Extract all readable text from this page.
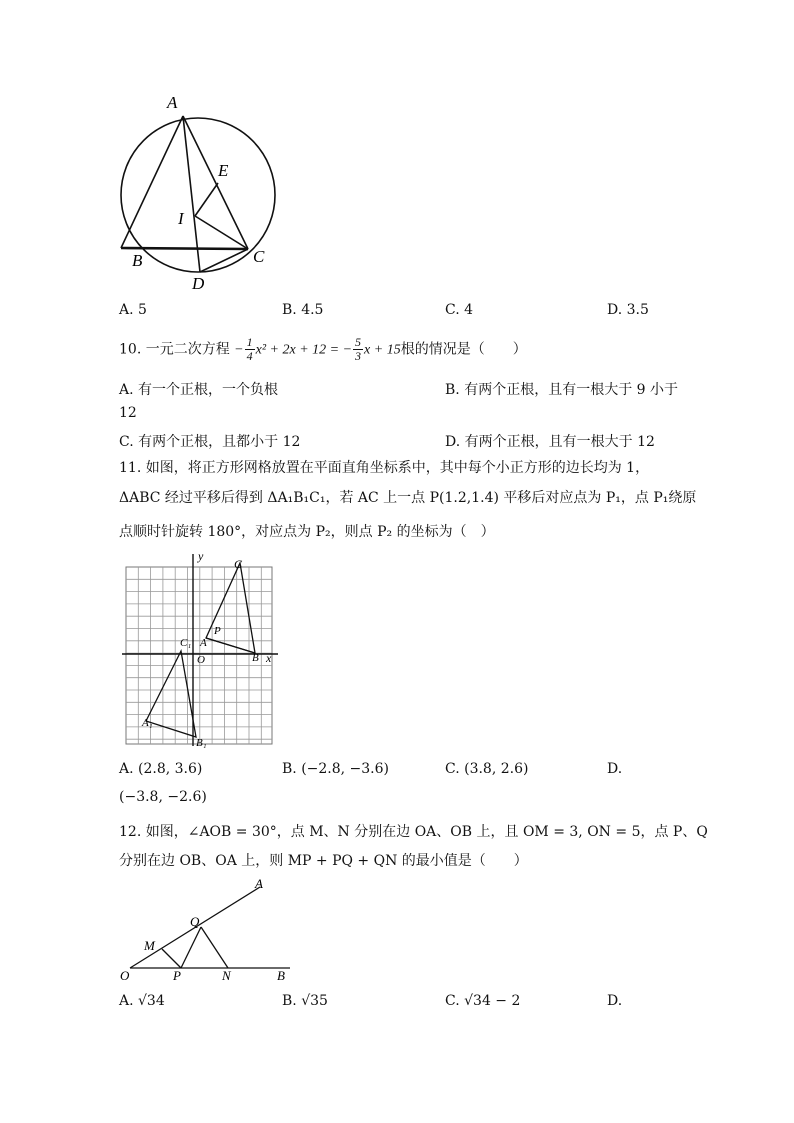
A
E
I
B	C
D
A. 5	B. 4.5	C. 4	D. 3.5
10. 一元二次方程 − $\frac{1}{4} x^2 + 2x + 12$ = − $\frac{5}{3}$ x + 15根的情况是（　　）
A. 有一个正根，一个负根	B. 有两个正根，且有一根大于 9 小于
12
C. 有两个正根，且都小于 12	D. 有两个正根，且有一根大于 12
11. 如图，将正方形网格放置在平面直角坐标系中，其中每个小正方形的边长均为 1，
ΔABC 经过平移后得到 ΔA₁B₁C₁，若 AC 上一点 P(1.2,1.4) 平移后对应点为 P₁，点 P₁绕原
点顺时针旋转 180°，对应点为 P₂，则点 P₂ 的坐标为（　）
y
x
C
P
A
C₁
O	B
A₁
B₁
A. (2.8, 3.6)	B. (−2.8, −3.6)	C. (3.8, 2.6)	D.
(−3.8, −2.6)
12. 如图，∠AOB = 30°，点 M、N 分别在边 OA、OB 上，且 OM = 3, ON = 5，点 P、Q
分别在边 OB、OA 上，则 MP + PQ + QN 的最小值是（　　）
A
Q
M
O	P	N	B
A. √34	B. √35	C. √34 − 2	D.
